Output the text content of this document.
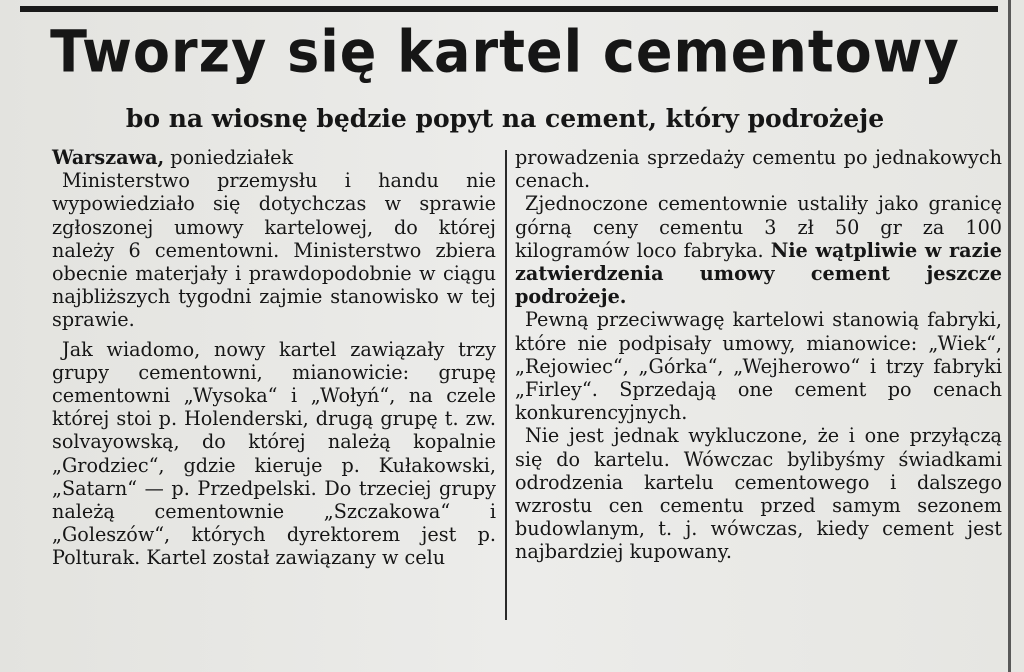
Tworzy się kartel cementowy
bo na wiosnę będzie popyt na cement, który podrożeje

Warszawa, poniedziałek

Ministerstwo przemysłu i handu nie wypowiedziało się dotychczas w sprawie zgłoszonej umowy kartelowej, do której należy 6 cementowni. Ministerstwo zbiera obecnie materjały i prawdopodobnie w ciągu najbliższych tygodni zajmie stanowisko w tej sprawie.

Jak wiadomo, nowy kartel zawiązały trzy grupy cementowni, mianowicie: grupę cementowni „Wysoka“ i „Wołyń“, na czele której stoi p. Holenderski, drugą grupę t. zw. solvayowską, do której należą kopalnie „Grodziec“, gdzie kieruje p. Kułakowski, „Satarn“ — p. Przedpelski. Do trzeciej grupy należą cementownie „Szczakowa“ i „Goleszów“, których dyrektorem jest p. Polturak. Kartel został zawiązany w celu

prowadzenia sprzedaży cementu po jednakowych cenach.

Zjednoczone cementownie ustaliły jako granicę górną ceny cementu 3 zł 50 gr za 100 kilogramów loco fabryka. Nie wątpliwie w razie zatwierdzenia umowy cement jeszcze podrożeje.

Pewną przeciwwagę kartelowi stanowią fabryki, które nie podpisały umowy, mianowice: „Wiek“, „Rejowiec“, „Górka“, „Wejherowo“ i trzy fabryki „Firley“. Sprzedają one cement po cenach konkurencyjnych.

Nie jest jednak wykluczone, że i one przyłączą się do kartelu. Wówczac bylibyśmy świadkami odrodzenia kartelu cementowego i dalszego wzrostu cen cementu przed samym sezonem budowlanym, t. j. wówczas, kiedy cement jest najbardziej kupowany.
